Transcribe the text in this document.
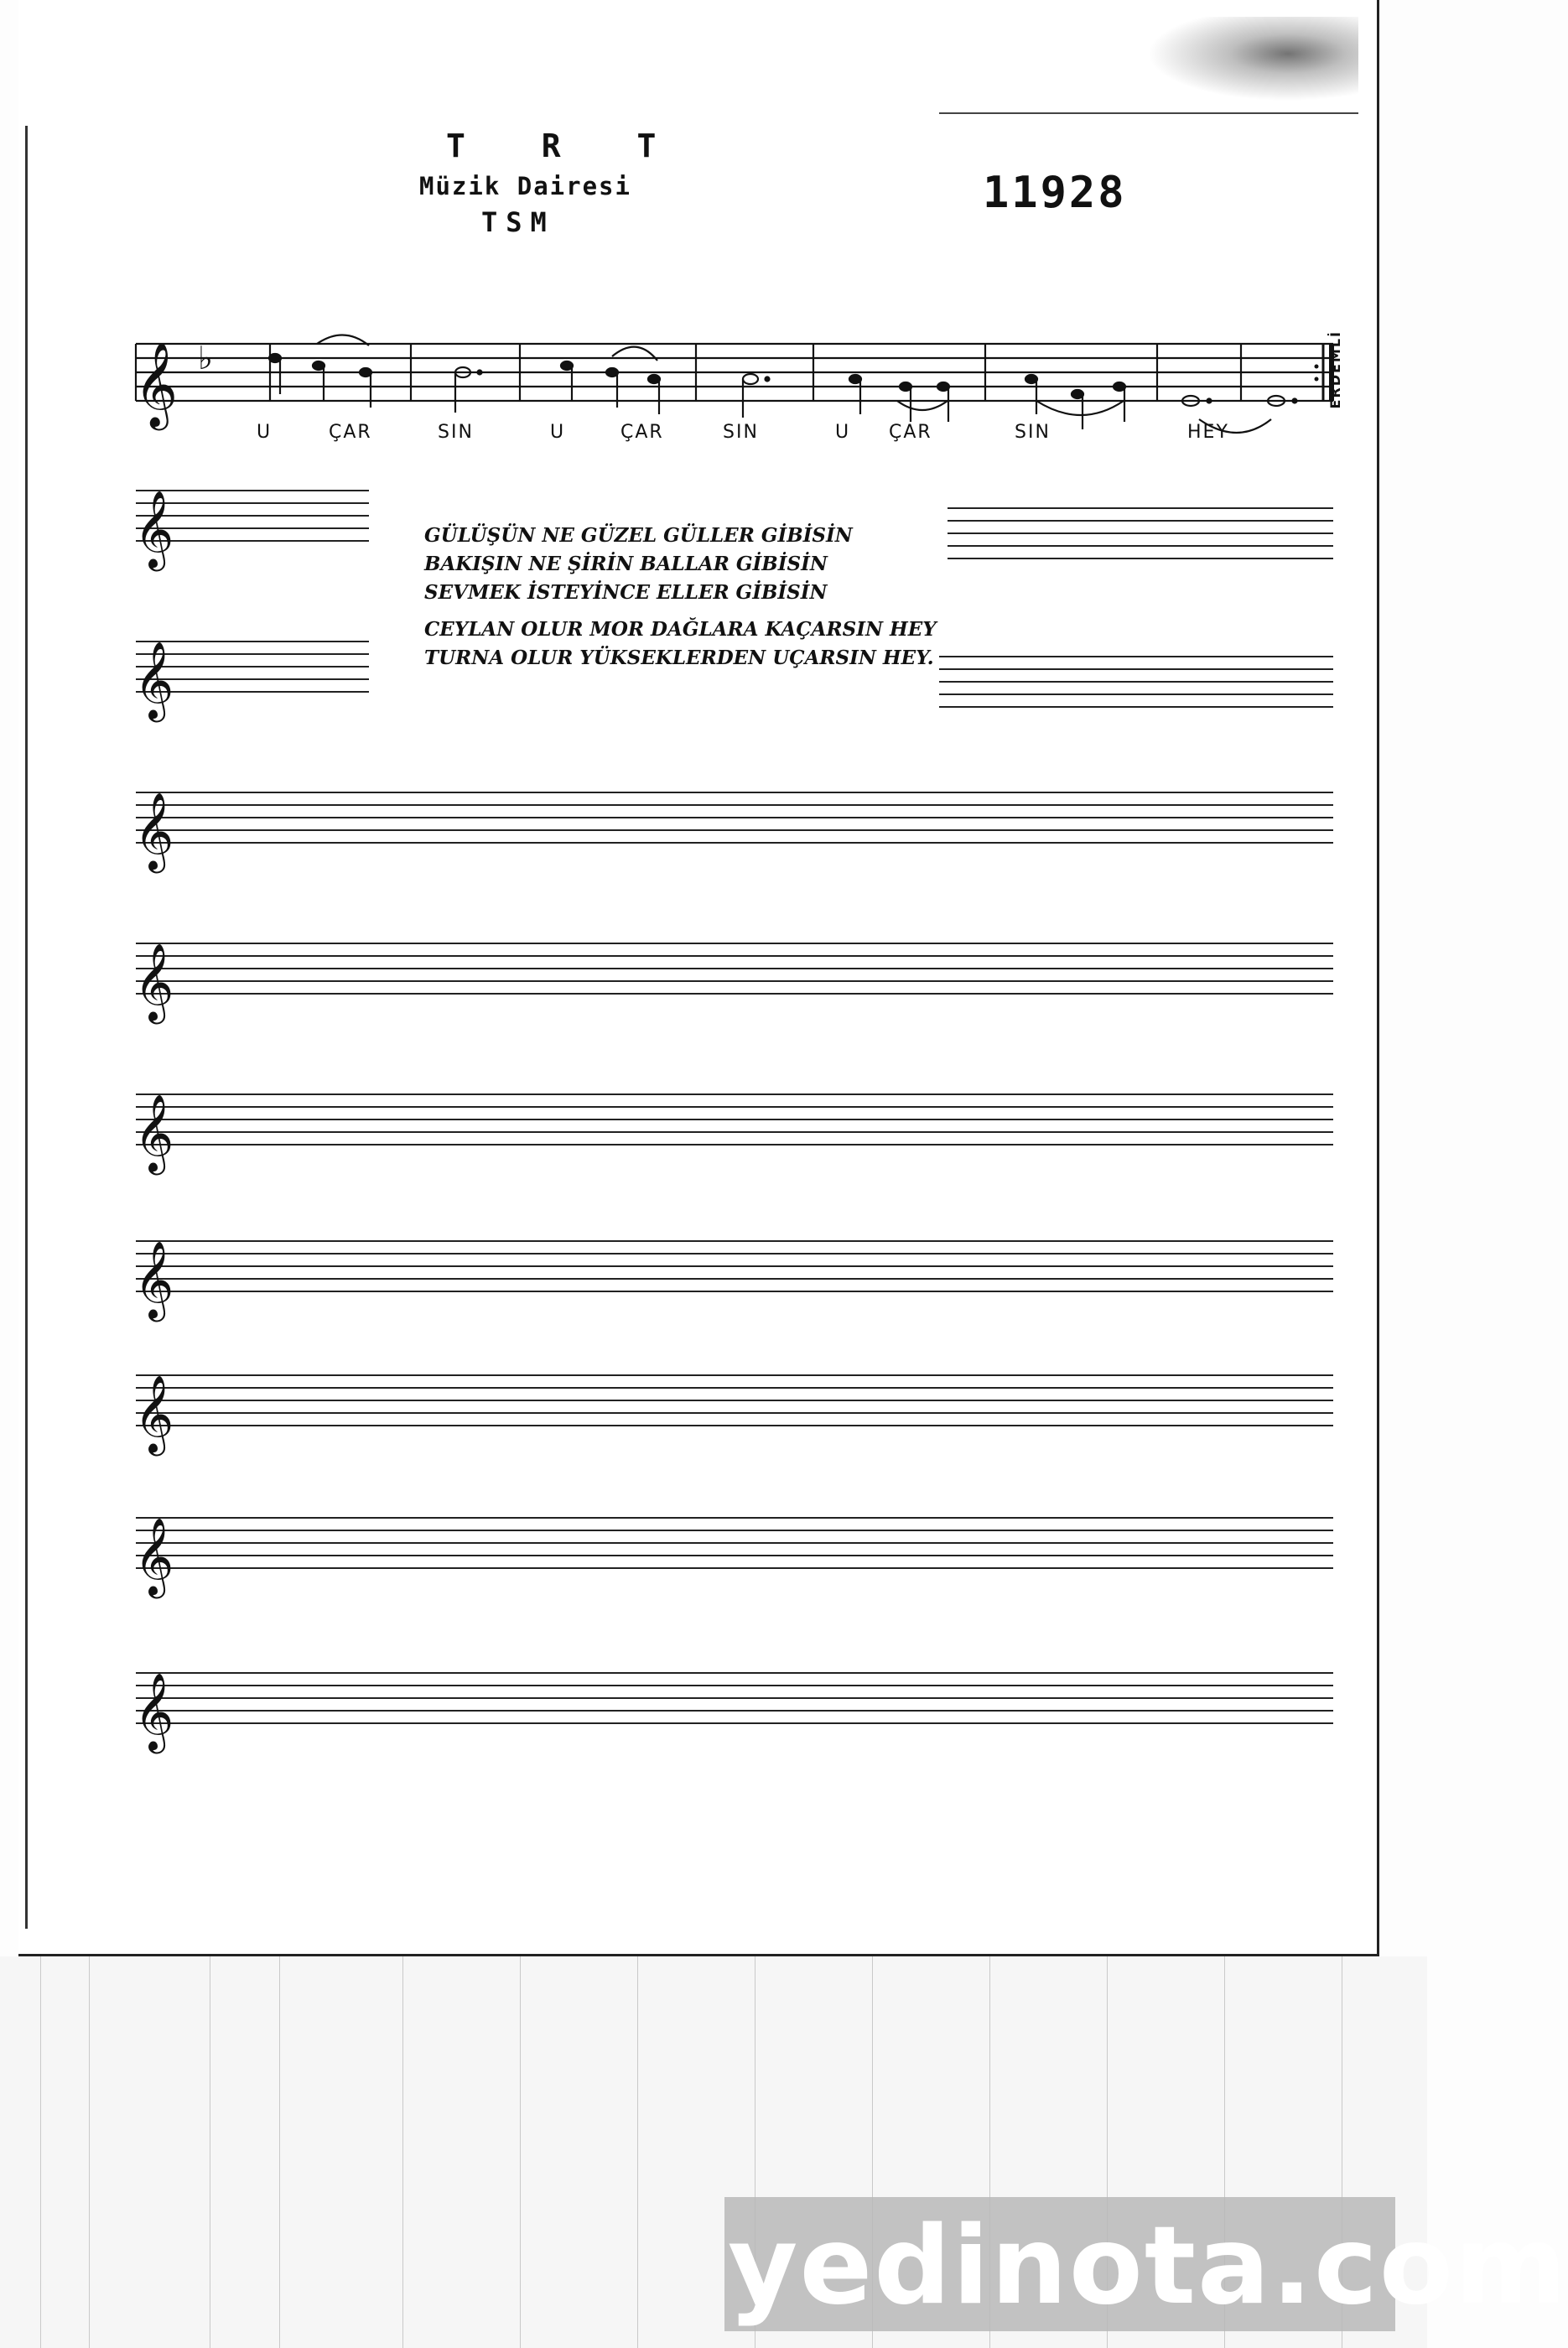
T R T
Müzik Dairesi
TSM
11928
𝄞 ♭
𝄞
𝄞
𝄞
𝄞
𝄞
𝄞
𝄞
𝄞
𝄞
U	ÇAR	SIN	U	ÇAR	SIN	U ÇAR	SIN	HEY
ERDEMLİ
GÜLÜŞÜN NE GÜZEL GÜLLER GİBİSİN
BAKIŞIN NE ŞİRİN BALLAR GİBİSİN
SEVMEK İSTEYİNCE ELLER GİBİSİN
CEYLAN OLUR MOR DAĞLARA KAÇARSIN HEY
TURNA OLUR YÜKSEKLERDEN UÇARSIN HEY.
yedinota.com
